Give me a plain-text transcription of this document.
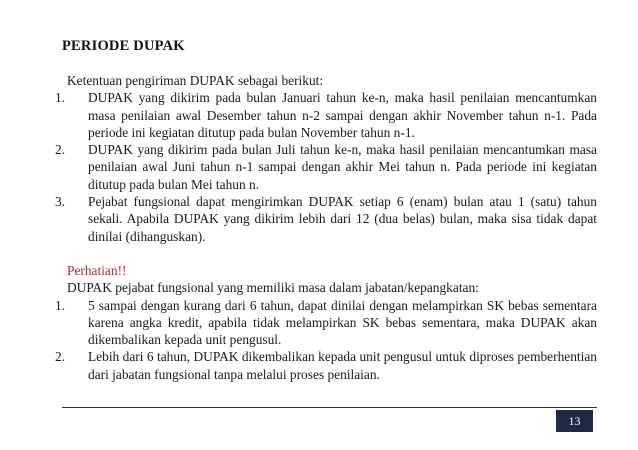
PERIODE DUPAK

Ketentuan pengiriman DUPAK sebagai berikut:

1. DUPAK yang dikirim pada bulan Januari tahun ke-n, maka hasil penilaian mencantumkan masa penilaian awal Desember tahun n-2 sampai dengan akhir November tahun n-1. Pada periode ini kegiatan ditutup pada bulan November tahun n-1.
2. DUPAK yang dikirim pada bulan Juli tahun ke-n, maka hasil penilaian mencantumkan masa penilaian awal Juni tahun n-1 sampai dengan akhir Mei tahun n. Pada periode ini kegiatan ditutup pada bulan Mei tahun n.
3. Pejabat fungsional dapat mengirimkan DUPAK setiap 6 (enam) bulan atau 1 (satu) tahun sekali. Apabila DUPAK yang dikirim lebih dari 12 (dua belas) bulan, maka sisa tidak dapat dinilai (dihanguskan).

Perhatian!!

DUPAK pejabat fungsional yang memiliki masa dalam jabatan/kepangkatan:

1. 5 sampai dengan kurang dari 6 tahun, dapat dinilai dengan melampirkan SK bebas sementara karena angka kredit, apabila tidak melampirkan SK bebas sementara, maka DUPAK akan dikembalikan kepada unit pengusul.
2. Lebih dari 6 tahun, DUPAK dikembalikan kepada unit pengusul untuk diproses pemberhentian dari jabatan fungsional tanpa melalui proses penilaian.
13
